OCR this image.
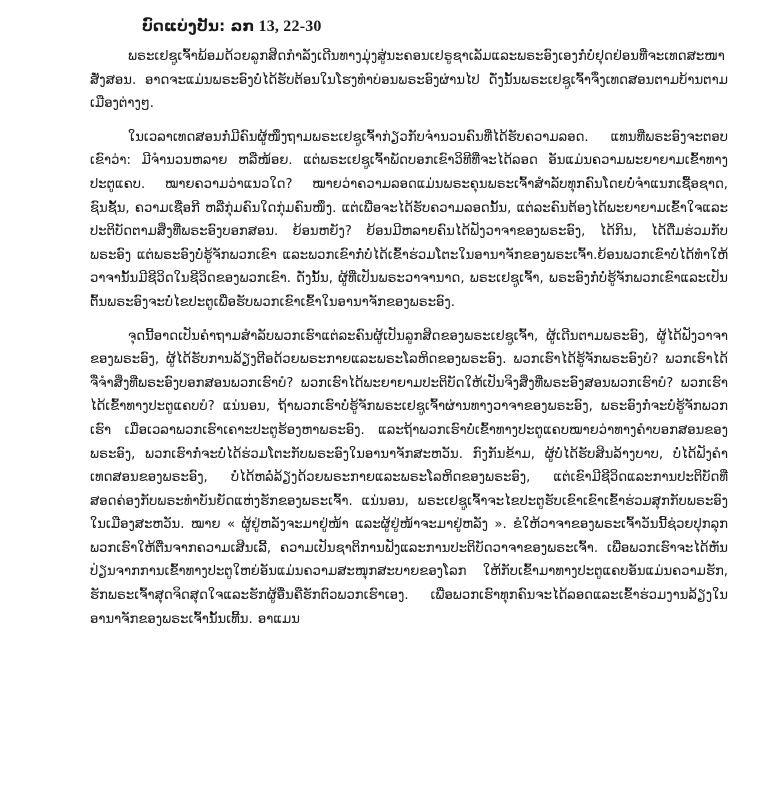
ບົດແບ່ງປັນ: ລກ 13, 22-30

ພຣະເຢຊູເຈົ້າພ້ອມດ້ວຍລູກສິດກຳລັງເດີນທາງມຸ່ງສູ່ນະຄອນເຢຣູຊາເລັມແລະພຣະອົງເອງກໍ່ບໍ່ຢຸດຢ່ອນທີ່ຈະເທດສະໜາສັ່ງສອນ. ອາດຈະແມ່ນພຣະອົງບໍ່ໄດ້ຮັບຕ້ອນໃນໂຮງທຳບ່ອນພຣະອົງຜ່ານໄປ ດັ່ງນັ້ນພຣະເຢຊູເຈົ້າຈຶ່ງເທດສອນຕາມບ້ານຕາມເມືອງຕ່າງໆ.

ໃນເວລາເທດສອນກໍ່ມີຄົນຜູ້ໜຶ່ງຖາມພຣະເຢຊູເຈົ້າກ່ຽວກັບຈຳນວນຄົນທີ່ໄດ້ຮັບຄວາມລອດ. ແທນທີ່ພຣະອົງຈະຕອບເຂົາວ່າ: ມີຈຳນວນຫລາຍ ຫລືໜ້ອຍ. ແຕ່ພຣະເຢຊູເຈົ້າພັດບອກເຂົາວິທີທີ່ຈະໄດ້ລອດ ອັນແມ່ນຄວາມພະຍາຍາມເຂົ້າທາງປະຕູແຄບ. ໝາຍຄວາມວ່າແນວໃດ? ໝາຍວ່າຄວາມລອດແມ່ນພຣະຄຸນພຣະເຈົ້າສຳລັບທຸກຄົນໂດຍບໍ່ຈຳແນກເຊື້ອຊາດ, ຊົນຊັ້ນ, ຄວາມເຊື່ອກີ ຫລືກຸ່ມຄົນໃດກຸ່ມຄົນໜຶ່ງ. ແຕ່ເພື່ອຈະໄດ້ຮັບຄວາມລອດນັ້ນ, ແຕ່ລະຄົນຕ້ອງໄດ້ພະຍາຍາມເຂົ້າໃຈແລະປະຕິບັດຕາມສິ່ງທີ່ພຣະອົງບອກສອນ. ຍ້ອນຫຍັງ? ຍ້ອນມີຫລາຍຄົນໄດ້ຟັງວາຈາຂອງພຣະອົງ, ໄດ້ກິນ, ໄດ້ດື່ມຮ່ວມກັບພຣະອົງ ແຕ່ພຣະອົງບໍ່ຮູ້ຈັກພວກເຂົາ ແລະພວກເຂົາກໍ່ບໍ່ໄດ້ເຂົ້າຮ່ວມໂຕະໃນອານາຈັກຂອງພຣະເຈົ້າ.ຍ້ອນພວກເຂົາບໍ່ໄດ້ທຳໃຫ້ວາຈານັ້ນມີຊີວິດໃນຊີວິດຂອງພວກເຂົາ. ດັ່ງນັ້ນ, ຜູ້ທີ່ເປັນພຣະວາຈານາດ, ພຣະເຢຊູເຈົ້າ, ພຣະອົງກໍ່ບໍ່ຮູ້ຈັກພວກເຂົາແລະເປັນຕົ້ນພຣະອົງຈະບໍ່ໄຂປະຕູເພື່ອຮັບພວກເຂົາເຂົ້າໃນອານາຈັກຂອງພຣະອົງ.

ຈຸດນີ້ອາດເປັນຄຳຖາມສຳລັບພວກເຮົາແຕ່ລະຄົນຜູ້ເປັນລູກສິດຂອງພຣະເຢຊູເຈົ້າ, ຜູ້ເດີນຕາມພຣະອົງ, ຜູ້ໄດ້ຟັງວາຈາຂອງພຣະອົງ, ຜູ້ໄດ້ຮັບການລ້ຽງຕີອດ້ວຍພຣະກາຍແລະພຣະໂລຫິດຂອງພຣະອົງ. ພວກເຮົາໄດ້ຮູ້ຈັກພຣະອົງບໍ? ພວກເຮົາໄດ້ຈື່ຈຳສິ່ງທີ່ພຣະອົງບອກສອນພວກເຮົາບໍ? ພວກເຮົາໄດ້ພະຍາຍາມປະຕິບັດໃຫ້ເປັນຈິງສິ່ງທີ່ພຣະອົງສອນພວກເຮົາບໍ? ພວກເຮົາໄດ້ເຂົ້າທາງປະຕູແຄບບໍ? ແນ່ນອນ, ຖ້າພວກເຮົາບໍ່ຮູ້ຈັກພຣະເຢຊູເຈົ້າຜ່ານທາງວາຈາຂອງພຣະອົງ, ພຣະອົງກໍ່ຈະບໍ່ຮູ້ຈັກພວກເຮົາ ເມື່ອເວລາພວກເຮົາເຄາະປະຕູຮ້ອງຫາພຣະອົງ. ແລະຖ້າພວກເຮົາບໍ່ເຂົ້າທາງປະຕູແຄບໝາຍວ່າທາງຄຳບອກສອນຂອງພຣະອົງ, ພວກເຮົາກໍ່ຈະບໍ່ໄດ້ຮ່ວມໂຕະກັບພຣະອົງໃນອານາຈັກສະຫວັນ. ກົງກັນຂ້າມ, ຜູ້ບໍ່ໄດ້ຮັບສິນລ້າງບາບ, ບໍ່ໄດ້ຟັງຄຳເທດສອນຂອງພຣະອົງ, ບໍ່ໄດ້ຫລໍ່ລ້ຽງດ້ວຍພຣະກາຍແລະພຣະໂລຫິດຂອງພຣະອົງ, ແຕ່ເຂົາມີຊີວິດແລະການປະຕິບັດທີ່ສອດຄ່ອງກັບພຣະທຳບັນຍັດແຫ່ງຮັກຂອງພຣະເຈົ້າ. ແນ່ນອນ, ພຣະເຢຊູເຈົ້າຈະໄຂປະຕູຮັບເຂົາເຂົາເຂົ້າຮ່ວມສຸກກັບພຣະອົງໃນເມືອງສະຫວັນ. ໝາຍ « ຜູ້ຢູ່ຫລັງຈະມາຢູ່ໜ້າ ແລະຜູ້ຢູ່ໜ້າຈະມາຢູ່ຫລັງ ». ຂໍໃຫ້ວາຈາຂອງພຣະເຈົ້າວັນນີ້ຊ່ວຍປຸກລຸກພວກເຮົາໃຫ້ຕື່ນຈາກຄວາມເສີນເລີ້, ຄວາມເປັນຊາຕິການຟັງແລະການປະຕິບັດວາຈາຂອງພຣະເຈົ້າ. ເພື່ອພວກເຮົາຈະໄດ້ຫັນປ່ຽນຈາກການເຂົ້າທາງປະຕູໃຫຍ່ອັນແມ່ນຄວາມສະໜຸກສະບາຍຂອງໂລກ ໃຫ້ກັບເຂົ້າມາທາງປະຕູແຄບອັນແມ່ນຄວາມຮັກ, ຮັກພຣະເຈົ້າສຸດຈິດສຸດໃຈແລະຮັກຜູ້ອື່ນຄືຮັກຕົວພວກເຮົາເອງ. ເພື່ອພວກເຮົາທຸກຄົນຈະໄດ້ລອດແລະເຂົ້າຮ່ວມງານລ້ຽງໃນອານາຈັກຂອງພຣະເຈົ້ານັ້ນເທີ້ນ. ອາແມນ
